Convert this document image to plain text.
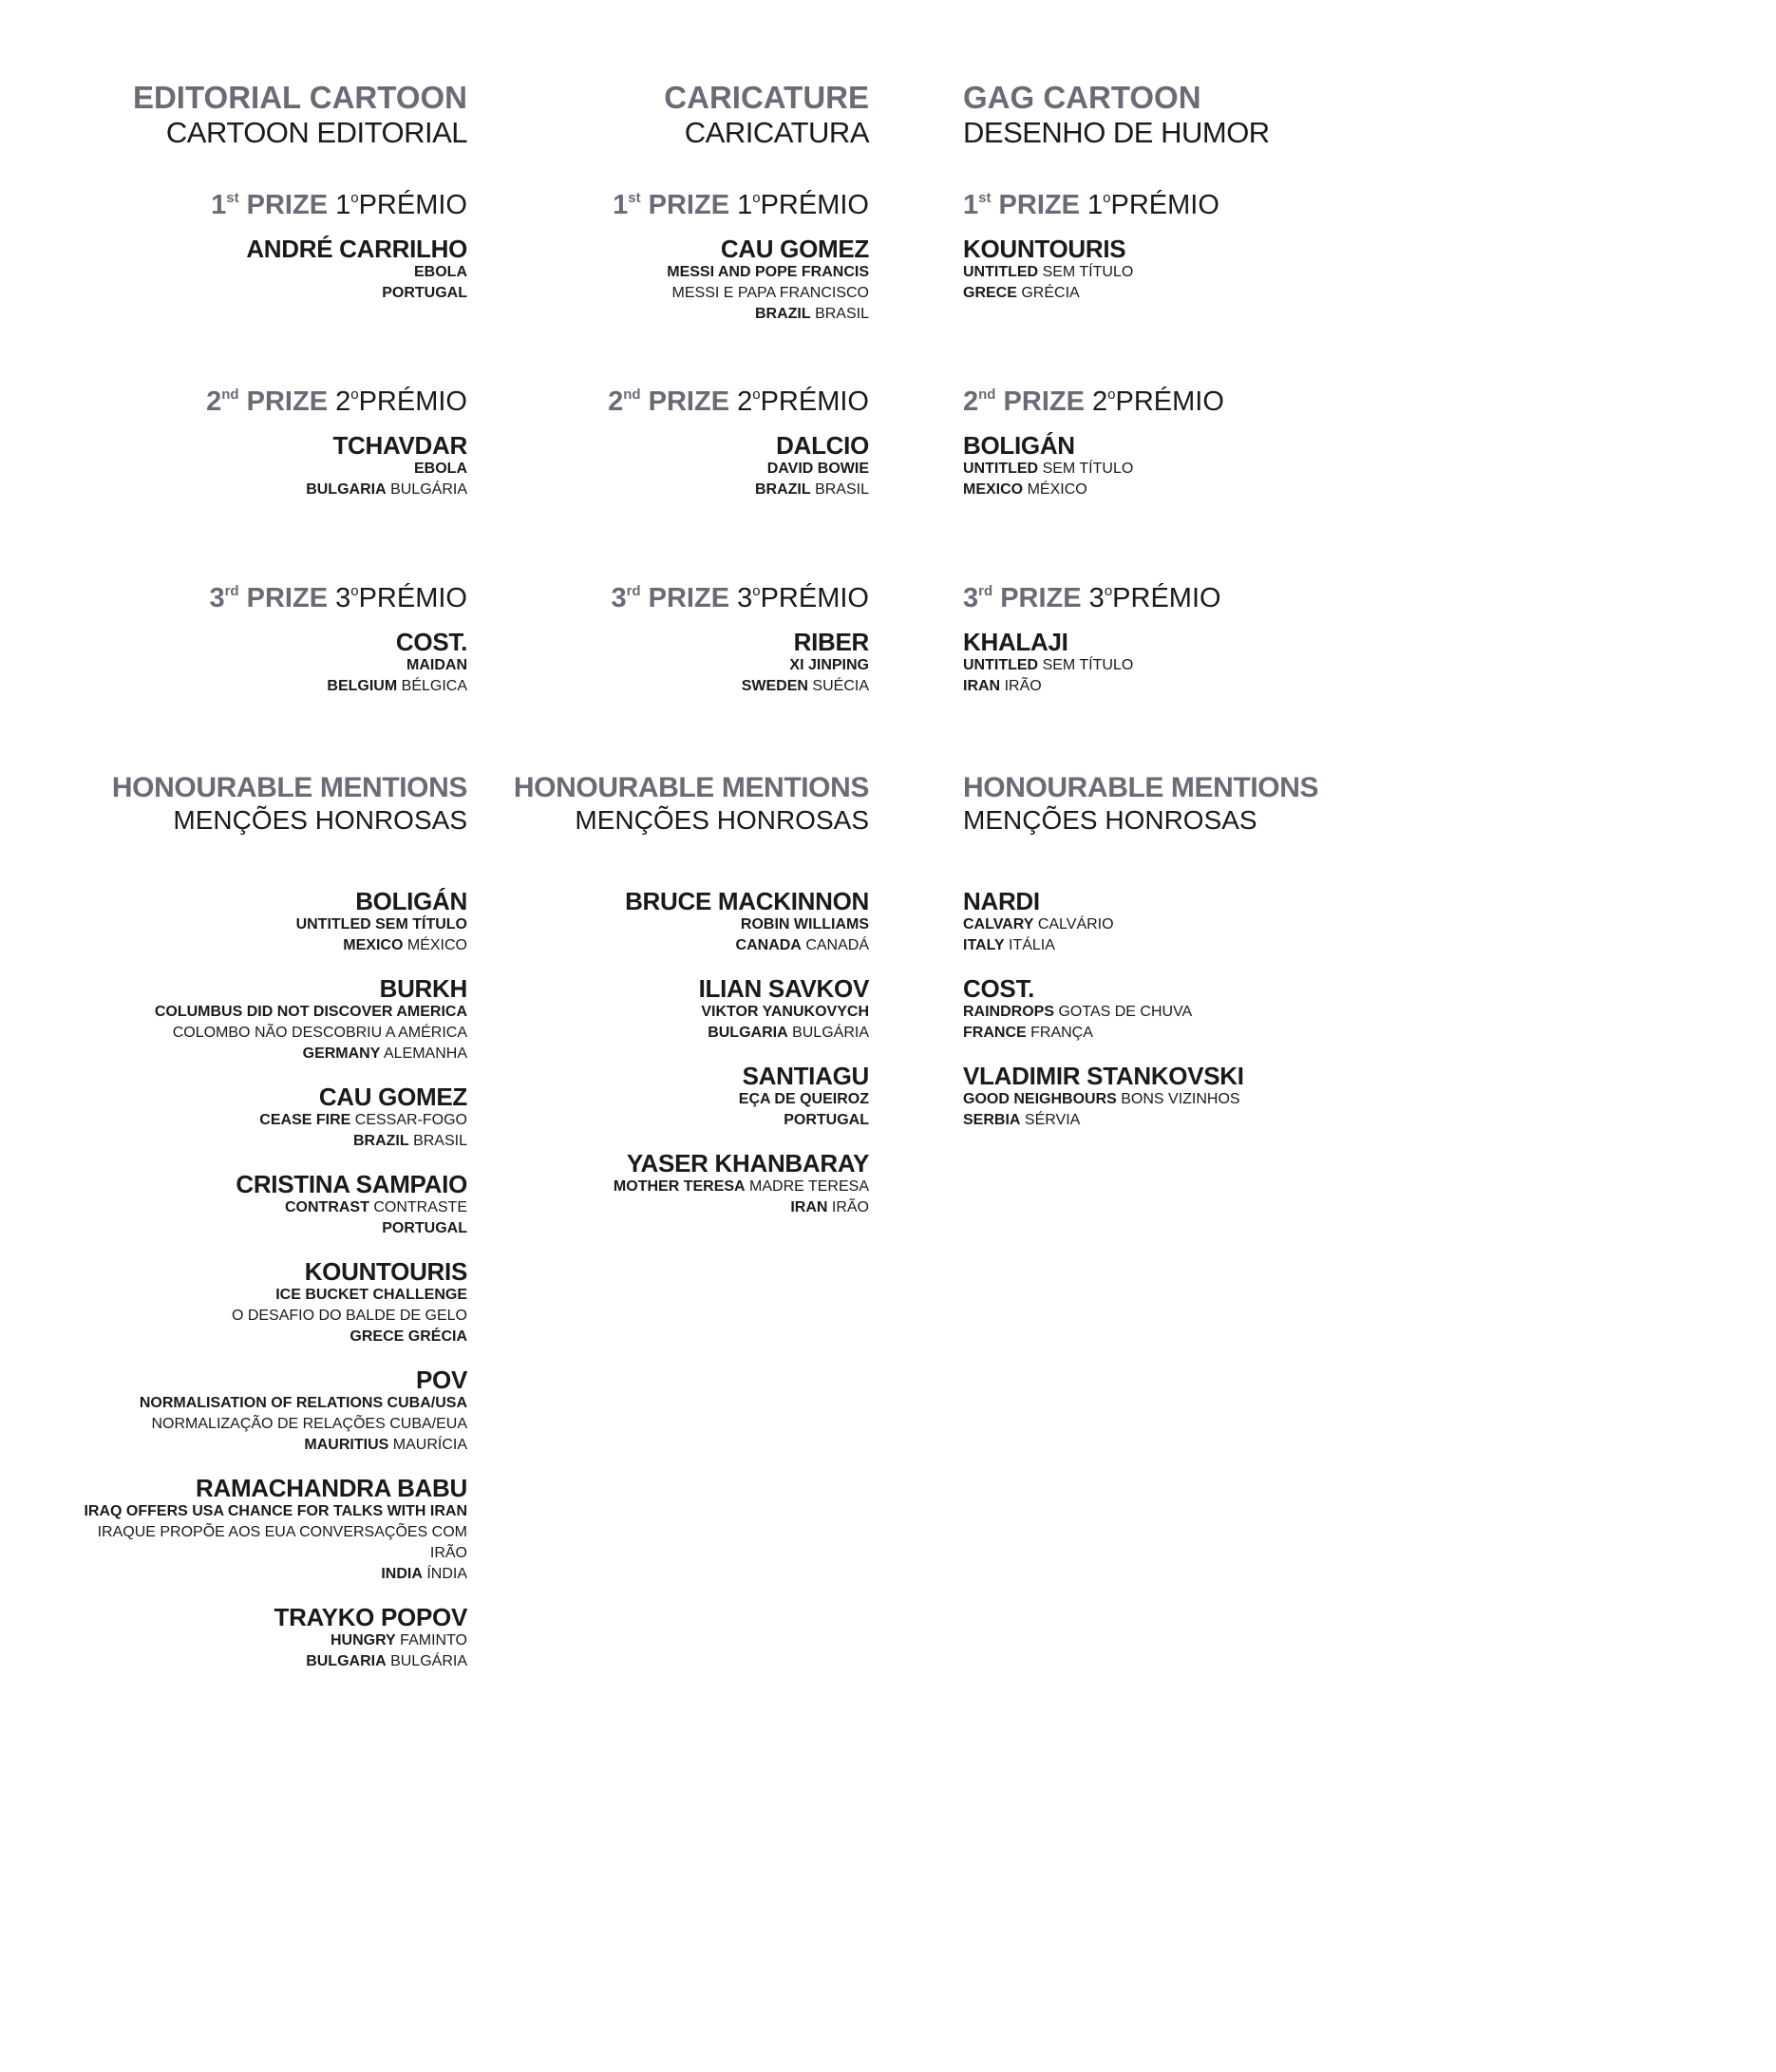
EDITORIAL CARTOON
CARTOON EDITORIAL
1st PRIZE 1$^o$PRÉMIO
ANDRÉ CARRILHO
EBOLA
PORTUGAL
2nd PRIZE 2$^o$PRÉMIO
TCHAVDAR
EBOLA
BULGARIA BULGÁRIA
3rd PRIZE 3$^o$PRÉMIO
COST.
MAIDAN
BELGIUM BÉLGICA
HONOURABLE MENTIONS
MENÇÕES HONROSAS
BOLIGÁN
UNTITLED SEM TÍTULO
MEXICO MÉXICO
BURKH
COLUMBUS DID NOT DISCOVER AMERICA
COLOMBO NÃO DESCOBRIU A AMÉRICA
GERMANY ALEMANHA
CAU GOMEZ
CEASE FIRE CESSAR-FOGO
BRAZIL BRASIL
CRISTINA SAMPAIO
CONTRAST CONTRASTE
PORTUGAL
KOUNTOURIS
ICE BUCKET CHALLENGE
O DESAFIO DO BALDE DE GELO
GRECE GRÉCIA
POV
NORMALISATION OF RELATIONS CUBA/USA
NORMALIZAÇÃO DE RELAÇÕES CUBA/EUA
MAURITIUS MAURÍCIA
RAMACHANDRA BABU
IRAQ OFFERS USA CHANCE FOR TALKS WITH IRAN
IRAQUE PROPÕE AOS EUA CONVERSAÇÕES COM IRÃO
INDIA ÍNDIA
TRAYKO POPOV
HUNGRY FAMINTO
BULGARIA BULGÁRIA
CARICATURE
CARICATURA
1st PRIZE 1$^o$PRÉMIO
CAU GOMEZ
MESSI AND POPE FRANCIS
MESSI E PAPA FRANCISCO
BRAZIL BRASIL
2nd PRIZE 2$^o$PRÉMIO
DALCIO
DAVID BOWIE
BRAZIL BRASIL
3rd PRIZE 3$^o$PRÉMIO
RIBER
XI JINPING
SWEDEN SUÉCIA
HONOURABLE MENTIONS
MENÇÕES HONROSAS
BRUCE MACKINNON
ROBIN WILLIAMS
CANADA CANADÁ
ILIAN SAVKOV
VIKTOR YANUKOVYCH
BULGARIA BULGÁRIA
SANTIAGU
EÇA DE QUEIROZ
PORTUGAL
YASER KHANBARAY
MOTHER TERESA MADRE TERESA
IRAN IRÃO
GAG CARTOON
DESENHO DE HUMOR
1st PRIZE 1$^o$PRÉMIO
KOUNTOURIS
UNTITLED SEM TÍTULO
GRECE GRÉCIA
2nd PRIZE 2$^o$PRÉMIO
BOLIGÁN
UNTITLED SEM TÍTULO
MEXICO MÉXICO
3rd PRIZE 3$^o$PRÉMIO
KHALAJI
UNTITLED SEM TÍTULO
IRAN IRÃO
HONOURABLE MENTIONS
MENÇÕES HONROSAS
NARDI
CALVARY CALVÁRIO
ITALY ITÁLIA
COST.
RAINDROPS GOTAS DE CHUVA
FRANCE FRANÇA
VLADIMIR STANKOVSKI
GOOD NEIGHBOURS BONS VIZINHOS
SERBIA SÉRVIA
